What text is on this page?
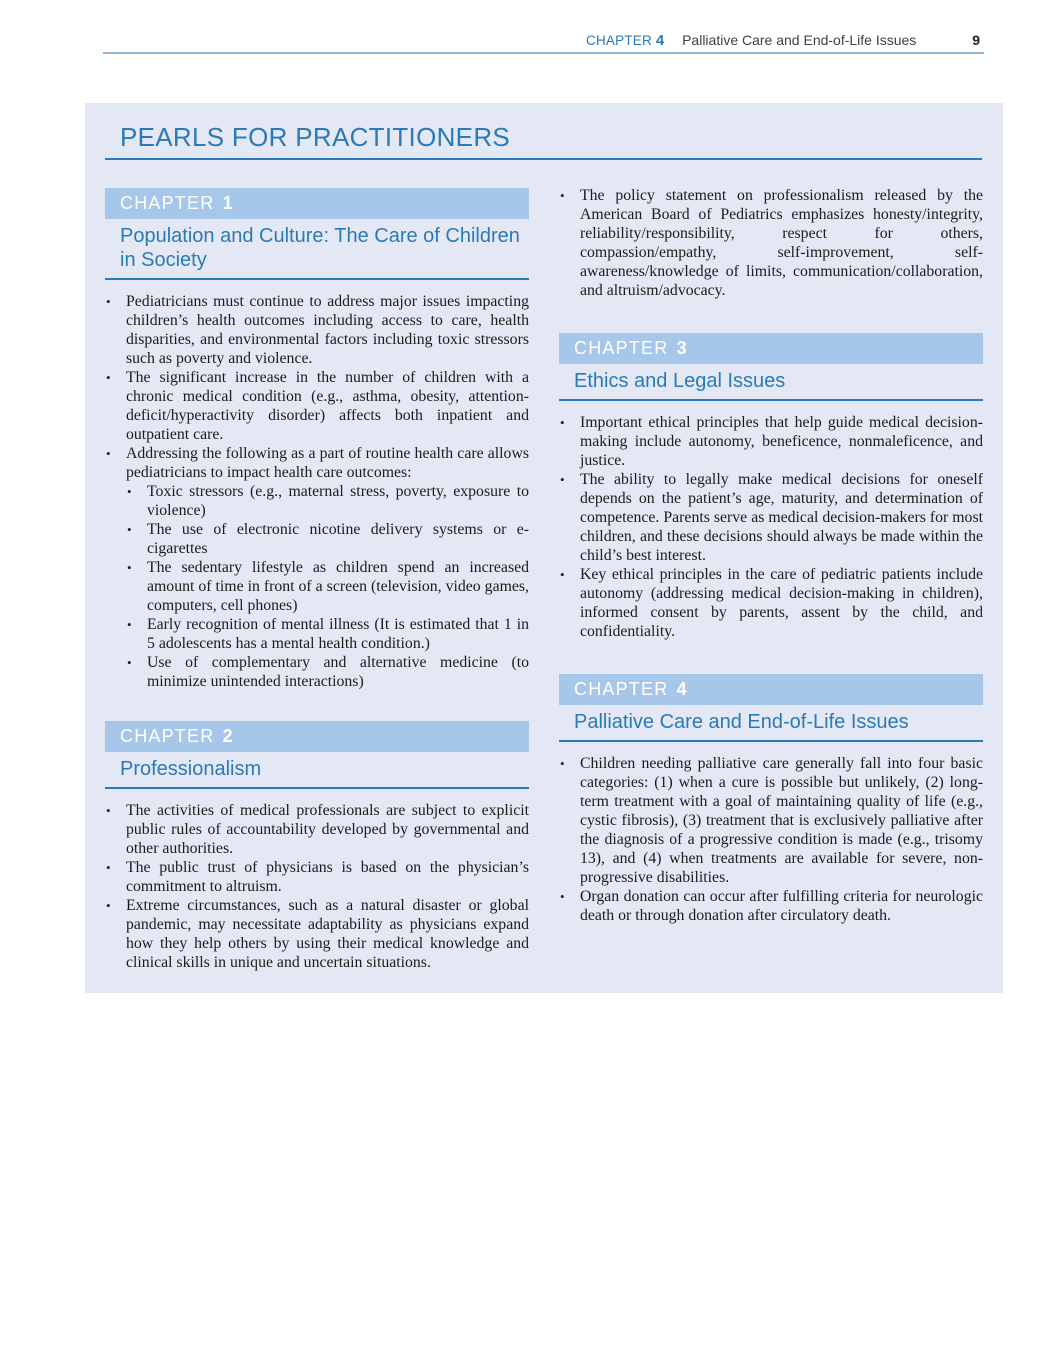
CHAPTER 4 Palliative Care and End-of-Life Issues	9
PEARLS FOR PRACTITIONERS
CHAPTER 1
Population and Culture: The Care of Children in Society
• Pediatricians must continue to address major issues impacting children’s health outcomes including access to care, health disparities, and environmental factors including toxic stressors such as poverty and violence.
• The significant increase in the number of children with a chronic medical condition (e.g., asthma, obesity, attention-deficit/hyperactivity disorder) affects both inpatient and outpatient care.
• Addressing the following as a part of routine health care allows pediatricians to impact health care outcomes:
• Toxic stressors (e.g., maternal stress, poverty, exposure to violence)
• The use of electronic nicotine delivery systems or e-cigarettes
• The sedentary lifestyle as children spend an increased amount of time in front of a screen (television, video games, computers, cell phones)
• Early recognition of mental illness (It is estimated that 1 in 5 adolescents has a mental health condition.)
• Use of complementary and alternative medicine (to minimize unintended interactions)
CHAPTER 2
Professionalism
• The activities of medical professionals are subject to explicit public rules of accountability developed by governmental and other authorities.
• The public trust of physicians is based on the physician’s commitment to altruism.
• Extreme circumstances, such as a natural disaster or global pandemic, may necessitate adaptability as physicians expand how they help others by using their medical knowledge and clinical skills in unique and uncertain situations.
• The policy statement on professionalism released by the American Board of Pediatrics emphasizes honesty/integrity, reliability/responsibility, respect for others, compassion/empathy, self-improvement, self-awareness/knowledge of limits, communication/collaboration, and altruism/advocacy.
CHAPTER 3
Ethics and Legal Issues
• Important ethical principles that help guide medical decision-making include autonomy, beneficence, nonmaleficence, and justice.
• The ability to legally make medical decisions for oneself depends on the patient’s age, maturity, and determination of competence. Parents serve as medical decision-makers for most children, and these decisions should always be made within the child’s best interest.
• Key ethical principles in the care of pediatric patients include autonomy (addressing medical decision-making in children), informed consent by parents, assent by the child, and confidentiality.
CHAPTER 4
Palliative Care and End-of-Life Issues
• Children needing palliative care generally fall into four basic categories: (1) when a cure is possible but unlikely, (2) long-term treatment with a goal of maintaining quality of life (e.g., cystic fibrosis), (3) treatment that is exclusively palliative after the diagnosis of a progressive condition is made (e.g., trisomy 13), and (4) when treatments are available for severe, non-progressive disabilities.
• Organ donation can occur after fulfilling criteria for neurologic death or through donation after circulatory death.
